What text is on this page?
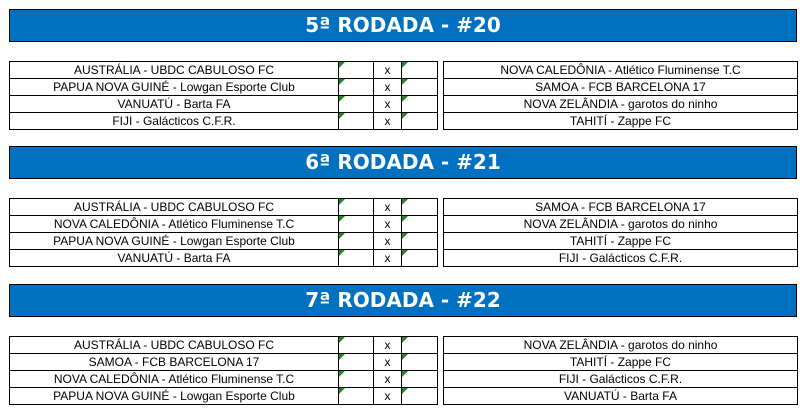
5ª RODADA - #20
AUSTRÁLIA - UBDC CABULOSO FC		x			NOVA CALEDÔNIA - Atlético Fluminense T.C
PAPUA NOVA GUINÉ - Lowgan Esporte Club		x			SAMOA - FCB BARCELONA 17
VANUATÚ - Barta FA		x			NOVA ZELÂNDIA - garotos do ninho
FIJI - Galácticos C.F.R.		x			TAHITÍ - Zappe FC
6ª RODADA - #21
AUSTRÁLIA - UBDC CABULOSO FC		x			SAMOA - FCB BARCELONA 17
NOVA CALEDÔNIA - Atlético Fluminense T.C		x			NOVA ZELÂNDIA - garotos do ninho
PAPUA NOVA GUINÉ - Lowgan Esporte Club		x			TAHITÍ - Zappe FC
VANUATÚ - Barta FA		x			FIJI - Galácticos C.F.R.
7ª RODADA - #22
AUSTRÁLIA - UBDC CABULOSO FC		x			NOVA ZELÂNDIA - garotos do ninho
SAMOA - FCB BARCELONA 17		x			TAHITÍ - Zappe FC
NOVA CALEDÔNIA - Atlético Fluminense T.C		x			FIJI - Galácticos C.F.R.
PAPUA NOVA GUINÉ - Lowgan Esporte Club		x			VANUATÚ - Barta FA
